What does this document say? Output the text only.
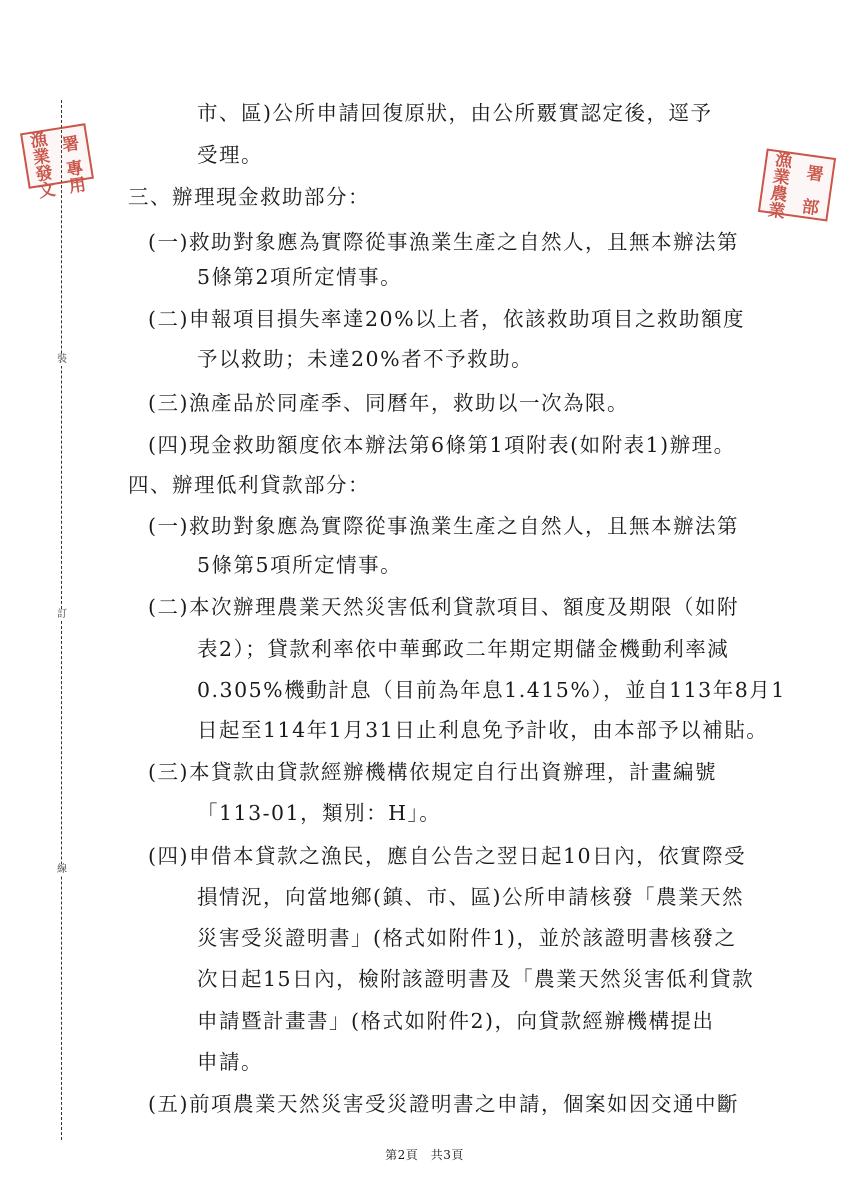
裝
訂
線
漁業
署
發文
專用
漁業 署
農業 部
市、區)公所申請回復原狀，由公所覈實認定後，逕予
受理。
三、辦理現金救助部分：
(一)救助對象應為實際從事漁業生產之自然人，且無本辦法第
5條第2項所定情事。
(二)申報項目損失率達20%以上者，依該救助項目之救助額度
予以救助；未達20%者不予救助。
(三)漁產品於同產季、同曆年，救助以一次為限。
(四)現金救助額度依本辦法第6條第1項附表(如附表1)辦理。
四、辦理低利貸款部分：
(一)救助對象應為實際從事漁業生產之自然人，且無本辦法第
5條第5項所定情事。
(二)本次辦理農業天然災害低利貸款項目、額度及期限（如附
表2）；貸款利率依中華郵政二年期定期儲金機動利率減
0.305%機動計息（目前為年息1.415%），並自113年8月1
日起至114年1月31日止利息免予計收，由本部予以補貼。
(三)本貸款由貸款經辦機構依規定自行出資辦理，計畫編號
「113-01，類別：H」。
(四)申借本貸款之漁民，應自公告之翌日起10日內，依實際受
損情況，向當地鄉(鎮、市、區)公所申請核發「農業天然
災害受災證明書」(格式如附件1)，並於該證明書核發之
次日起15日內，檢附該證明書及「農業天然災害低利貸款
申請暨計畫書」(格式如附件2)，向貸款經辦機構提出
申請。
(五)前項農業天然災害受災證明書之申請，個案如因交通中斷
第2頁　共3頁
